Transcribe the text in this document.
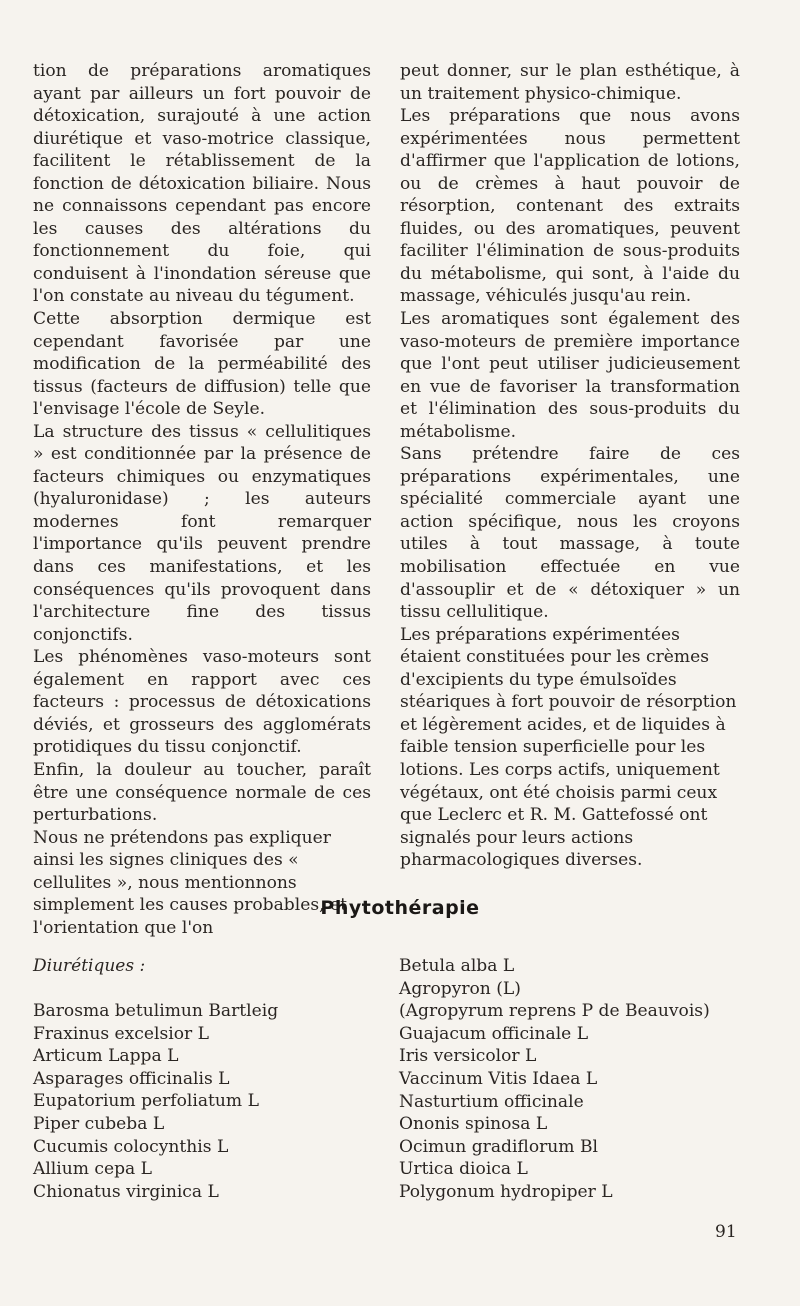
tion de préparations aromatiques ayant par ailleurs un fort pouvoir de détoxication, surajouté à une action diurétique et vaso-motrice classique, facilitent le rétablissement de la fonction de détoxication biliaire. Nous ne connaissons cependant pas encore les causes des altérations du fonctionnement du foie, qui conduisent à l'inondation séreuse que l'on constate au niveau du tégument.

Cette absorption dermique est cependant favorisée par une modification de la perméabilité des tissus (facteurs de diffusion) telle que l'envisage l'école de Seyle.

La structure des tissus « cellulitiques » est conditionnée par la présence de facteurs chimiques ou enzymatiques (hyaluronidase) ; les auteurs modernes font remarquer l'importance qu'ils peuvent prendre dans ces manifestations, et les conséquences qu'ils provoquent dans l'architecture fine des tissus conjonctifs.

Les phénomènes vaso-moteurs sont également en rapport avec ces facteurs : processus de détoxications déviés, et grosseurs des agglomérats protidiques du tissu conjonctif.

Enfin, la douleur au toucher, paraît être une conséquence normale de ces perturbations.

Nous ne prétendons pas expliquer ainsi les signes cliniques des « cellulites », nous mentionnons simplement les causes probables, et l'orientation que l'on

peut donner, sur le plan esthétique, à un traitement physico-chimique.

Les préparations que nous avons expérimentées nous permettent d'affirmer que l'application de lotions, ou de crèmes à haut pouvoir de résorption, contenant des extraits fluides, ou des aromatiques, peuvent faciliter l'élimination de sous-produits du métabolisme, qui sont, à l'aide du massage, véhiculés jusqu'au rein.

Les aromatiques sont également des vaso-moteurs de première importance que l'ont peut utiliser judicieusement en vue de favoriser la transformation et l'élimination des sous-produits du métabolisme.

Sans prétendre faire de ces préparations expérimentales, une spécialité commerciale ayant une action spécifique, nous les croyons utiles à tout massage, à toute mobilisation effectuée en vue d'assouplir et de « détoxiquer » un tissu cellulitique.

Les préparations expérimentées étaient constituées pour les crèmes d'excipients du type émulsoïdes stéariques à fort pouvoir de résorption et légèrement acides, et de liquides à faible tension superficielle pour les lotions. Les corps actifs, uniquement végétaux, ont été choisis parmi ceux que Leclerc et R. M. Gattefossé ont signalés pour leurs actions pharmacologiques diverses.

Phytothérapie
Diurétiques :
Barosma betulimun Bartleig
Fraxinus excelsior L
Articum Lappa L
Asparages officinalis L
Eupatorium perfoliatum L
Piper cubeba L
Cucumis colocynthis L
Allium cepa L
Chionatus virginica L
Betula alba L
Agropyron (L)
(Agropyrum reprens P de Beauvois)
Guajacum officinale L
Iris versicolor L
Vaccinum Vitis Idaea L
Nasturtium officinale
Ononis spinosa L
Ocimun gradiflorum Bl
Urtica dioica L
Polygonum hydropiper L
91
